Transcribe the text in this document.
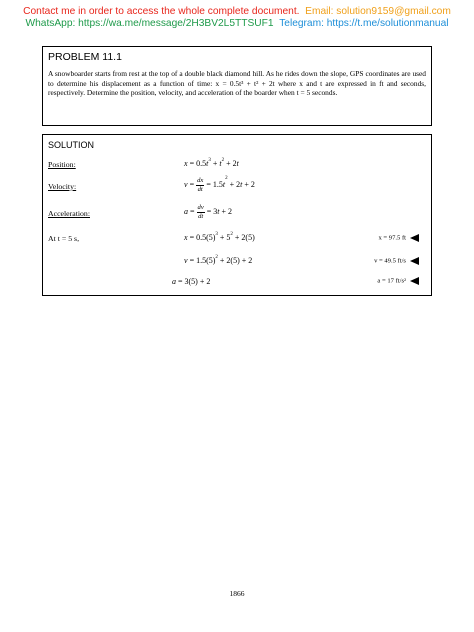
Contact me in order to access the whole complete document. Email: solution9159@gmail.com
WhatsApp: https://wa.me/message/2H3BV2L5TTSUF1 Telegram: https://t.me/solutionmanual
PROBLEM 11.1
A snowboarder starts from rest at the top of a double black diamond hill. As he rides down the slope, GPS coordinates are used to determine his displacement as a function of time: x = 0.5t³ + t² + 2t where x and t are expressed in ft and seconds, respectively. Determine the position, velocity, and acceleration of the boarder when t = 5 seconds.
SOLUTION
Position:	$x = 0.5t^3 + t^2 + 2t$
Velocity:	$v = \frac{dx}{dt} = 1.5t^2 + 2t + 2$
Acceleration:	$a = \frac{dv}{dt} = 3t + 2$
At t = 5 s,	$x = 0.5(5)^3 + 5^2 + 2(5)$	x = 97.5 ft
$v = 1.5(5)^2 + 2(5) + 2$	v = 49.5 ft/s
a = 3(5) + 2	a = 17 ft/s²
1866
